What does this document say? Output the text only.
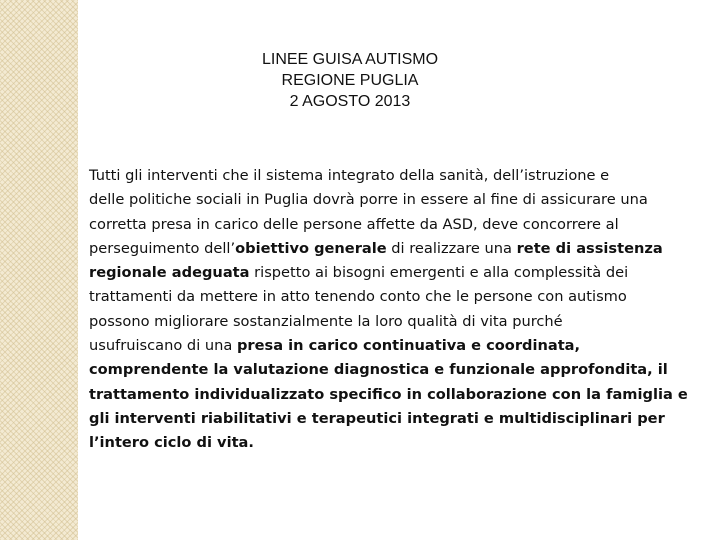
LINEE GUISA AUTISMO
REGIONE PUGLIA
2 AGOSTO 2013
Tutti gli interventi che il sistema integrato della sanità, dell’istruzione e
delle politiche sociali in Puglia dovrà porre in essere al fine di assicurare una
corretta presa in carico delle persone affette da ASD, deve concorrere al
perseguimento dell’obiettivo generale di realizzare una rete di assistenza
regionale adeguata rispetto ai bisogni emergenti e alla complessità dei
trattamenti da mettere in atto tenendo conto che le persone con autismo
possono migliorare sostanzialmente la loro qualità di vita purché
usufruiscano di una presa in carico continuativa e coordinata,
comprendente la valutazione diagnostica e funzionale approfondita, il
trattamento individualizzato specifico in collaborazione con la famiglia e
gli interventi riabilitativi e terapeutici integrati e multidisciplinari per
l’intero ciclo di vita.
